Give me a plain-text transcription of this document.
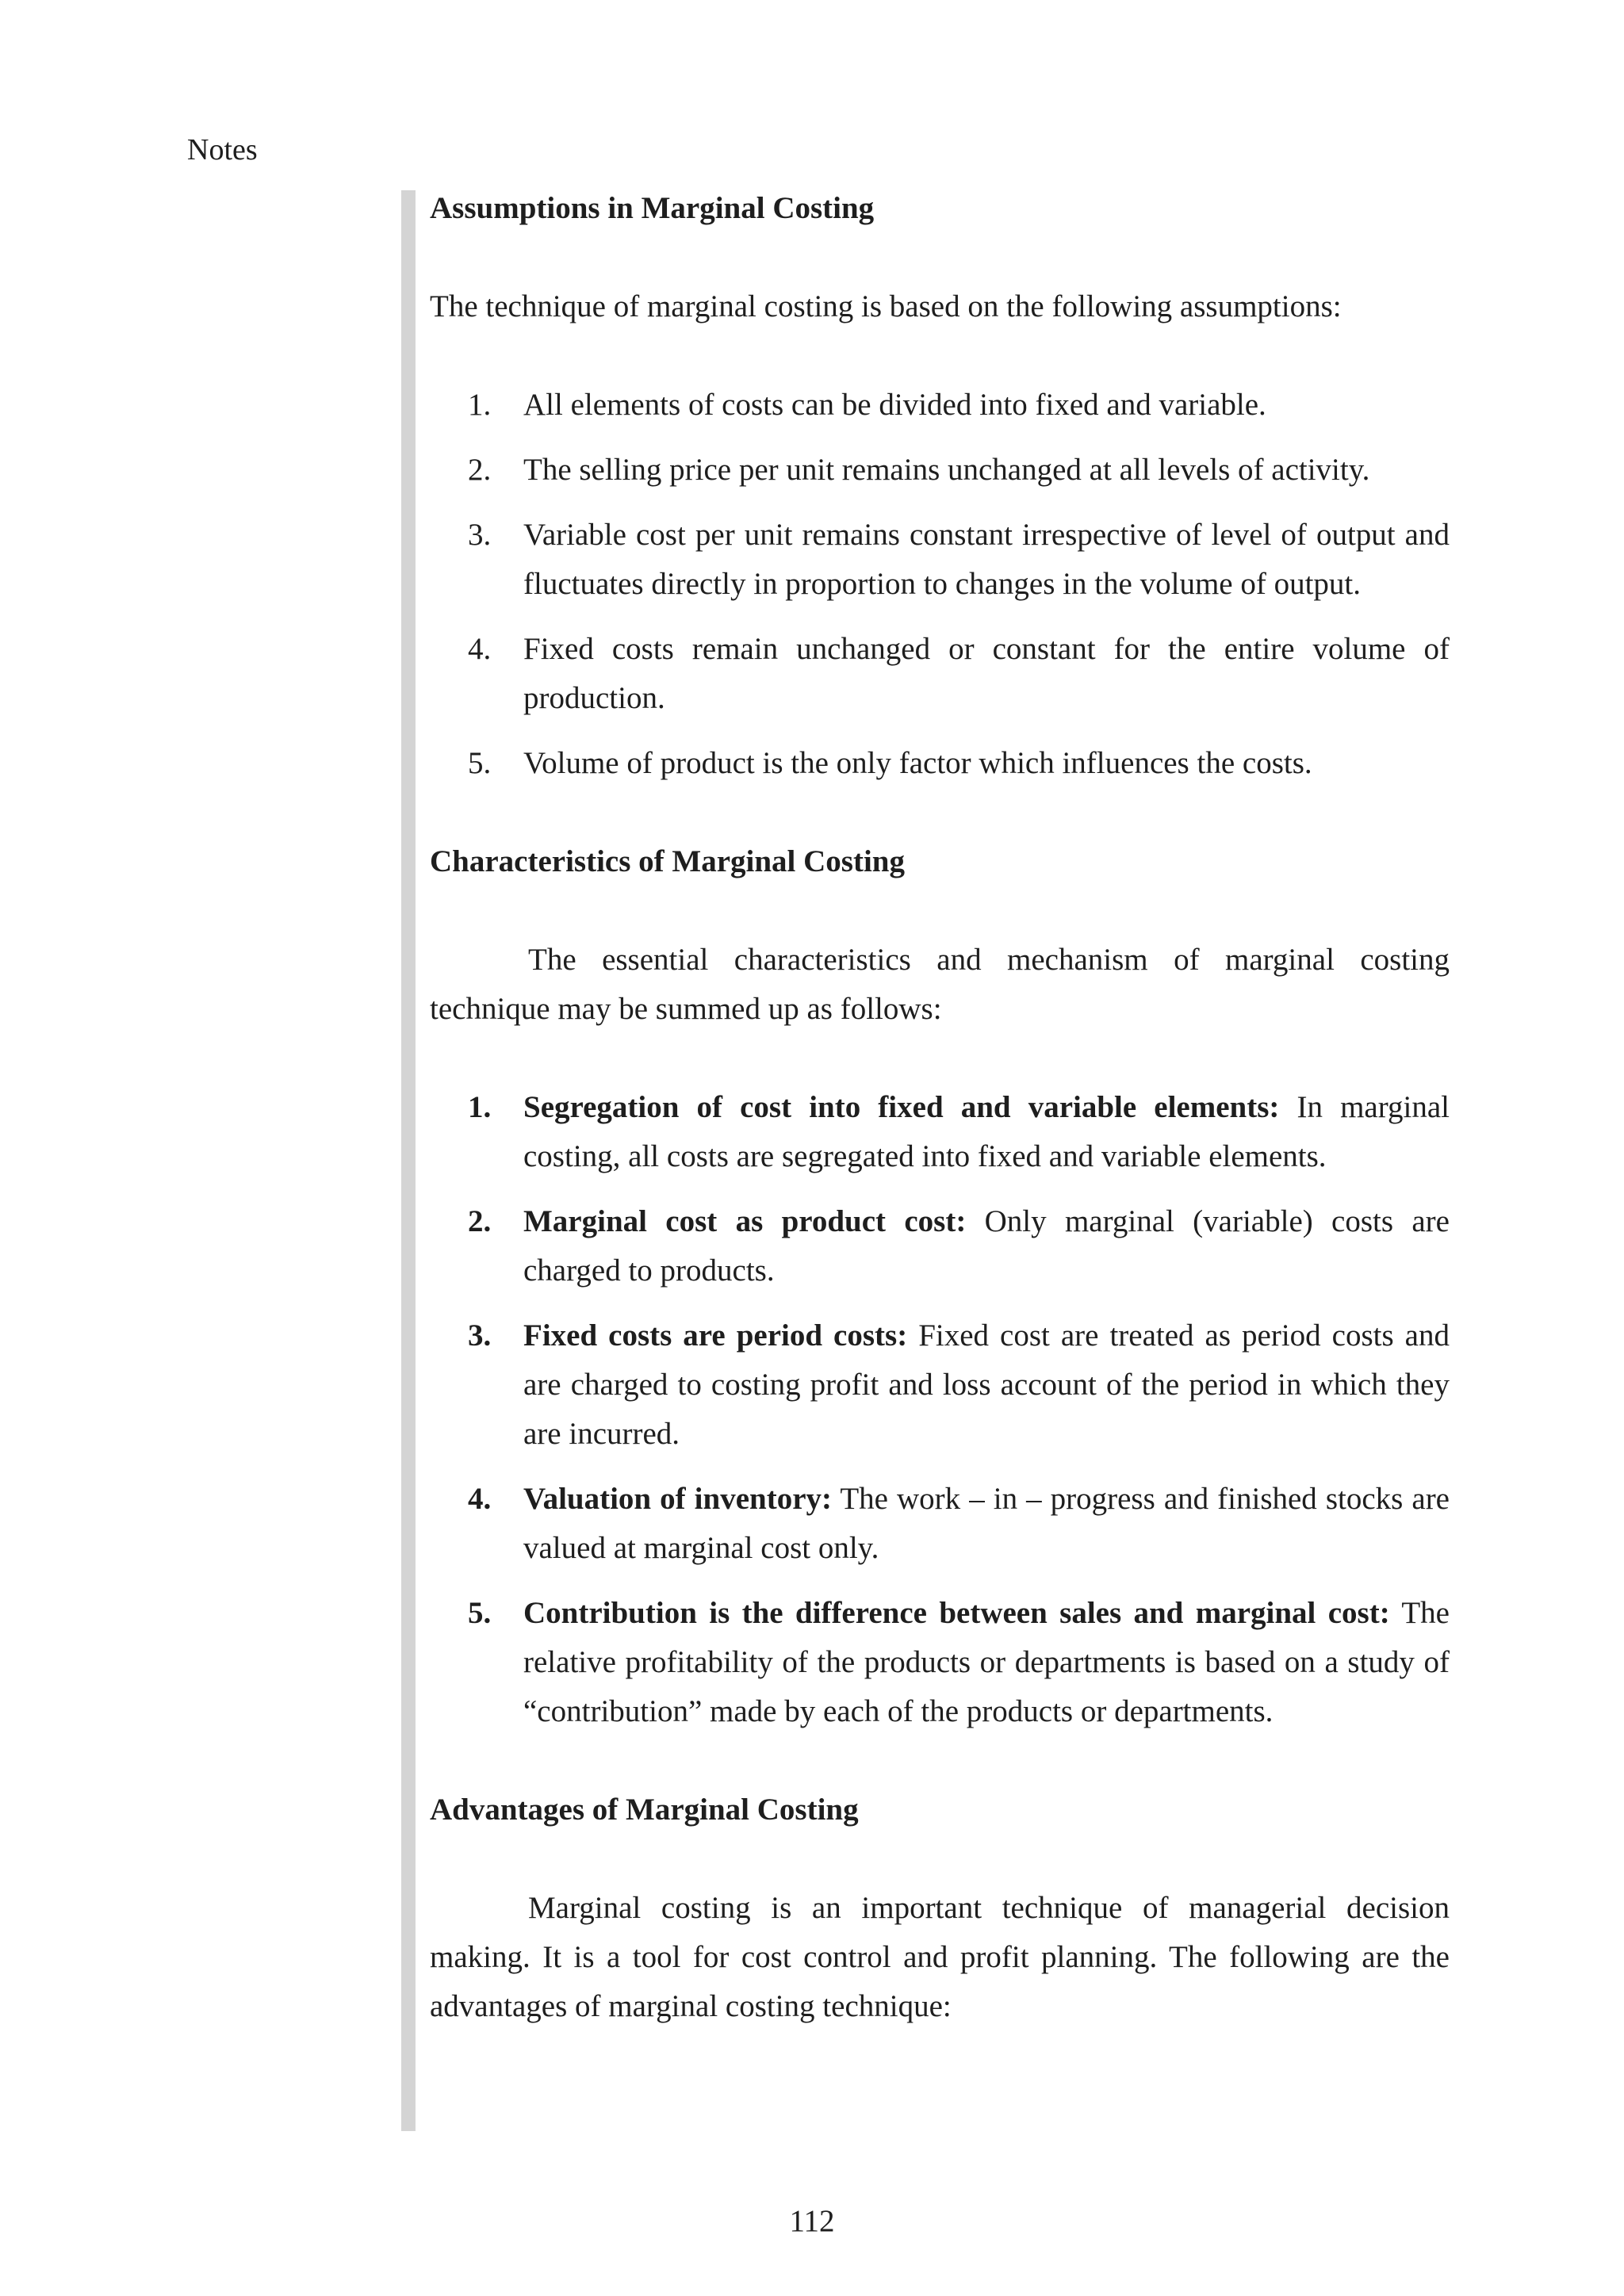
Notes
Assumptions in Marginal Costing

The technique of marginal costing is based on the following assumptions:

1. All elements of costs can be divided into fixed and variable.
2. The selling price per unit remains unchanged at all levels of activity.
3. Variable cost per unit remains constant irrespective of level of output and fluctuates directly in proportion to changes in the volume of output.
4. Fixed costs remain unchanged or constant for the entire volume of production.
5. Volume of product is the only factor which influences the costs.
Characteristics of Marginal Costing

The essential characteristics and mechanism of marginal costing technique may be summed up as follows:

1. Segregation of cost into fixed and variable elements: In marginal costing, all costs are segregated into fixed and variable elements.
2. Marginal cost as product cost: Only marginal (variable) costs are charged to products.
3. Fixed costs are period costs: Fixed cost are treated as period costs and are charged to costing profit and loss account of the period in which they are incurred.
4. Valuation of inventory: The work – in – progress and finished stocks are valued at marginal cost only.
5. Contribution is the difference between sales and marginal cost: The relative profitability of the products or departments is based on a study of “contribution” made by each of the products or departments.
Advantages of Marginal Costing

Marginal costing is an important technique of managerial decision making. It is a tool for cost control and profit planning. The following are the advantages of marginal costing technique:

112
